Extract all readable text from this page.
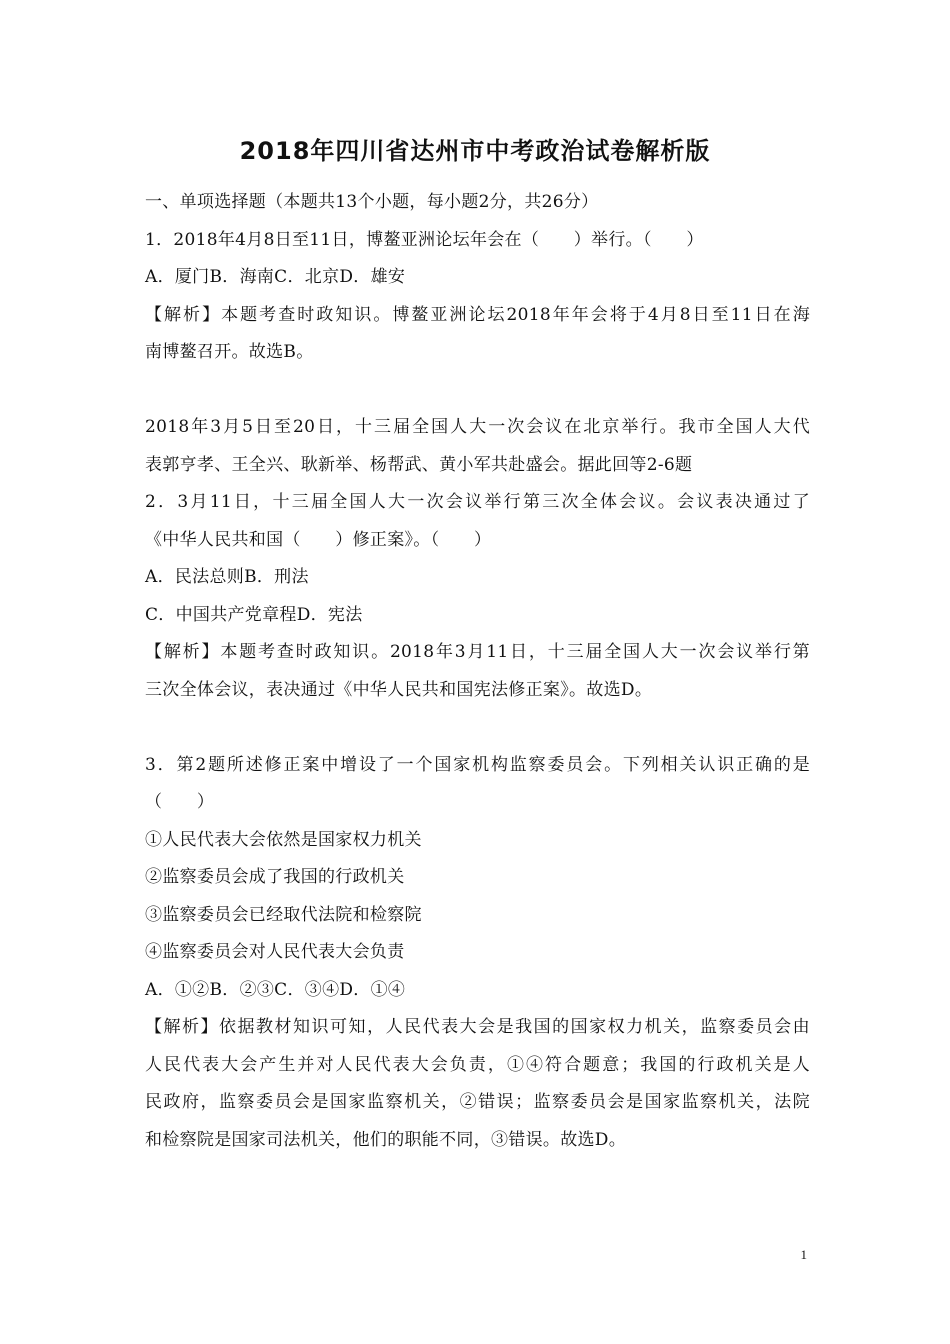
2018年四川省达州市中考政治试卷解析版
一、单项选择题（本题共13个小题，每小题2分，共26分）
1．2018年4月8日至11日，博鳌亚洲论坛年会在（　　）举行。（　　）
A．厦门B．海南C．北京D．雄安
【解析】本题考查时政知识。博鳌亚洲论坛2018年年会将于4月8日至11日在海
南博鳌召开。故选B。
2018年3月5日至20日，十三届全国人大一次会议在北京举行。我市全国人大代
表郭亨孝、王全兴、耿新举、杨帮武、黄小军共赴盛会。据此回等2-6题
2．3月11日，十三届全国人大一次会议举行第三次全体会议。会议表决通过了
《中华人民共和国（　　）修正案》。（　　）
A．民法总则B．刑法
C．中国共产党章程D．宪法
【解析】本题考查时政知识。2018年3月11日，十三届全国人大一次会议举行第
三次全体会议，表决通过《中华人民共和国宪法修正案》。故选D。
3．第2题所述修正案中增设了一个国家机构监察委员会。下列相关认识正确的是
（　　）
①人民代表大会依然是国家权力机关
②监察委员会成了我国的行政机关
③监察委员会已经取代法院和检察院
④监察委员会对人民代表大会负责
A．①②B．②③C．③④D．①④
【解析】依据教材知识可知，人民代表大会是我国的国家权力机关，监察委员会由
人民代表大会产生并对人民代表大会负责，①④符合题意；我国的行政机关是人
民政府，监察委员会是国家监察机关，②错误；监察委员会是国家监察机关，法院
和检察院是国家司法机关，他们的职能不同，③错误。故选D。
1
